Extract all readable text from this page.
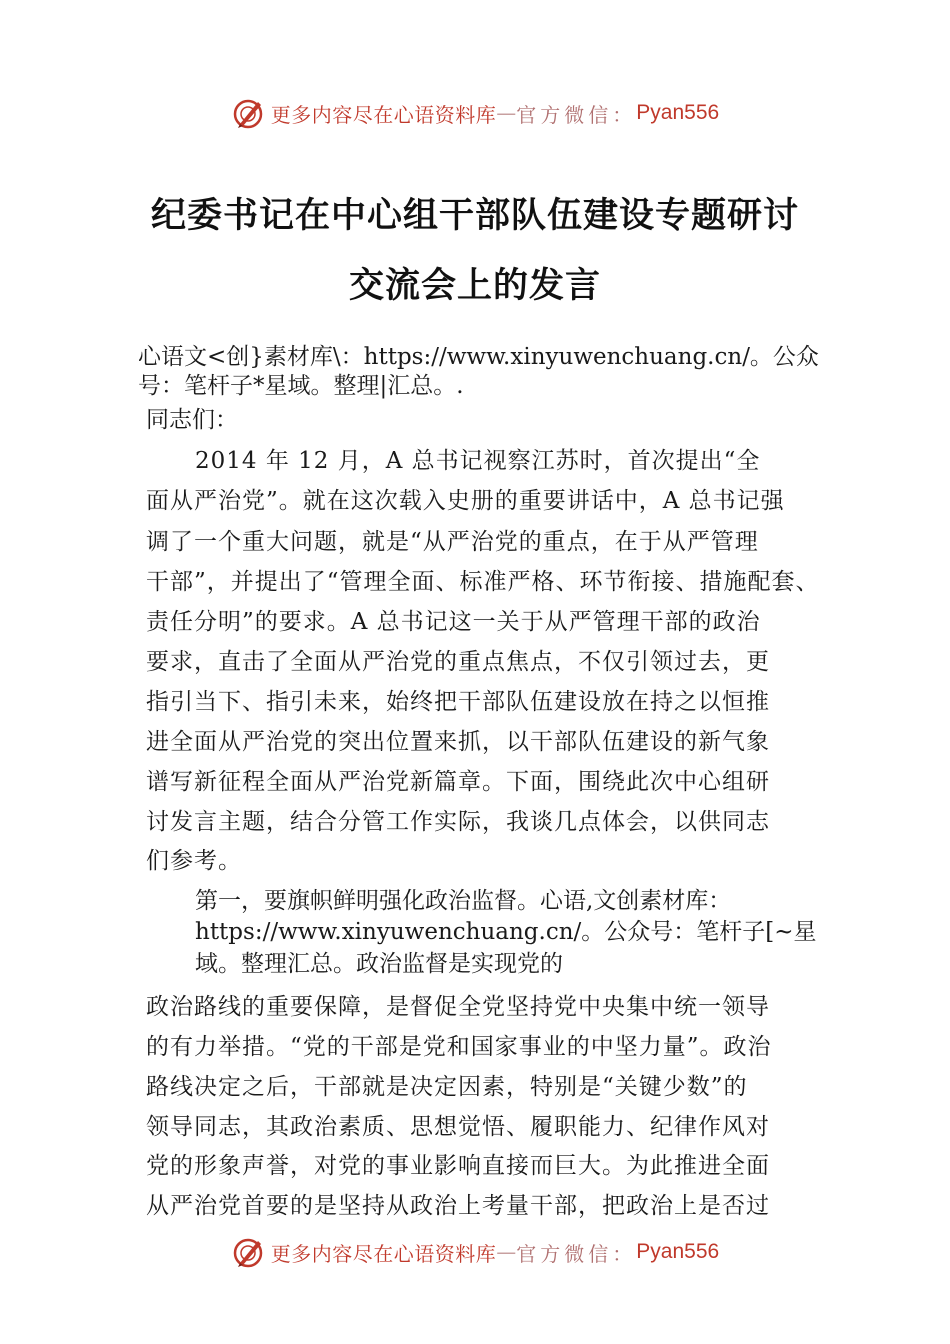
更多内容尽在心语资料库 — 官方微信： Pyan556
纪委书记在中心组干部队伍建设专题研讨
交流会上的发言
心语文<创}素材库\：https://www.xinyuwenchuang.cn/。公众
号：笔杆子*星域。整理|汇总。.
同志们：
2014 年 12 月，A 总书记视察江苏时，首次提出“全
面从严治党”。就在这次载入史册的重要讲话中，A 总书记强
调了一个重大问题，就是“从严治党的重点，在于从严管理
干部”，并提出了“管理全面、标准严格、环节衔接、措施配套、
责任分明”的要求。A 总书记这一关于从严管理干部的政治
要求，直击了全面从严治党的重点焦点，不仅引领过去，更
指引当下、指引未来，始终把干部队伍建设放在持之以恒推
进全面从严治党的突出位置来抓，以干部队伍建设的新气象
谱写新征程全面从严治党新篇章。下面，围绕此次中心组研
讨发言主题，结合分管工作实际，我谈几点体会，以供同志
们参考。
第一，要旗帜鲜明强化政治监督。心语,文创素材库：
https://www.xinyuwenchuang.cn/。公众号：笔杆子[~星
域。整理汇总。政治监督是实现党的
政治路线的重要保障，是督促全党坚持党中央集中统一领导
的有力举措。“党的干部是党和国家事业的中坚力量”。政治
路线决定之后，干部就是决定因素，特别是“关键少数”的
领导同志，其政治素质、思想觉悟、履职能力、纪律作风对
党的形象声誉，对党的事业影响直接而巨大。为此推进全面
从严治党首要的是坚持从政治上考量干部，把政治上是否过
更多内容尽在心语资料库 — 官方微信： Pyan556
